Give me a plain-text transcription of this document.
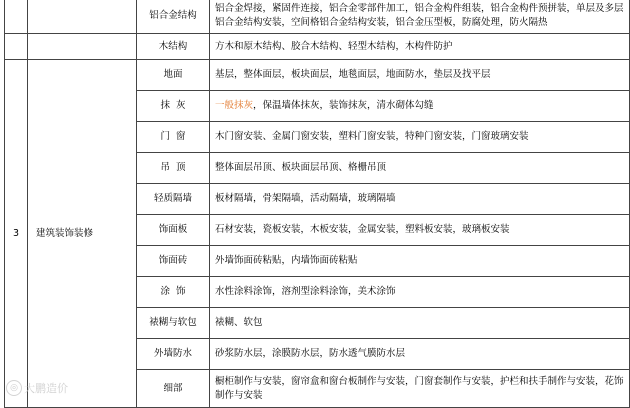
		铝合金结构	铝合金焊接，紧固件连接，铝合金零部件加工，铝合金构件组装，铝合金构件预拼装，单层及多层铝合金结构安装，空间格铝合金结构安装，铝合金压型板，防腐处理，防火隔热
		木结构	方木和原木结构、胶合木结构、轻型木结构，木构件防护
3	建筑装饰装修	地面	基层，整体面层，板块面层，地毯面层，地面防水，垫层及找平层
		抹  灰	一般抹灰，保温墙体抹灰，装饰抹灰，清水砌体勾缝
		门  窗	木门窗安装、金属门窗安装，塑料门窗安装，特种门窗安装，门窗玻璃安装
		吊  顶	整体面层吊顶、板块面层吊顶、格栅吊顶
		轻质隔墙	板材隔墙，骨架隔墙，活动隔墙，玻璃隔墙
		饰面板	石材安装，瓷板安装，木板安装，金属安装，塑料板安装，玻璃板安装
		饰面砖	外墙饰面砖粘贴，内墙饰面砖粘贴
		涂  饰	水性涂料涂饰，溶剂型涂料涂饰，美术涂饰
		裱糊与软包	裱糊、软包
		外墙防水	砂浆防水层，涂膜防水层，防水透气膜防水层
		细部	橱柜制作与安装，窗帘盒和窗台板制作与安装，门窗套制作与安装，护栏和扶手制作与安装，花饰制作与安装
◎ 大鹏造价
